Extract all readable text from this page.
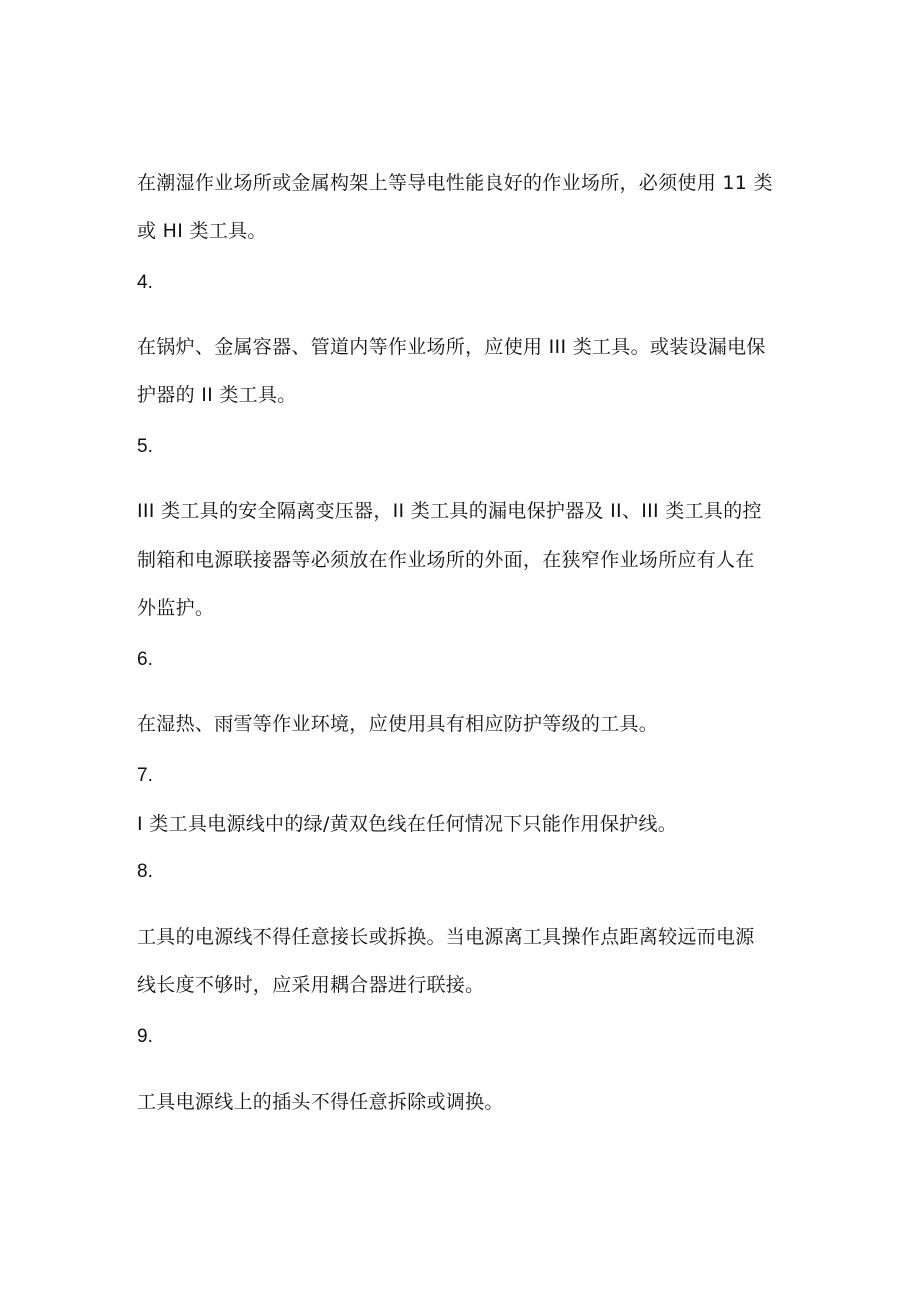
在潮湿作业场所或金属构架上等导电性能良好的作业场所，必须使用 11 类
或 HI 类工具。
4.
在锅炉、金属容器、管道内等作业场所，应使用 III 类工具。或装设漏电保
护器的 II 类工具。
5.
III 类工具的安全隔离变压器，II 类工具的漏电保护器及 II、III 类工具的控
制箱和电源联接器等必须放在作业场所的外面，在狭窄作业场所应有人在
外监护。
6.
在湿热、雨雪等作业环境，应使用具有相应防护等级的工具。
7.
I 类工具电源线中的绿/黄双色线在任何情况下只能作用保护线。
8.
工具的电源线不得任意接长或拆换。当电源离工具操作点距离较远而电源
线长度不够时，应采用耦合器进行联接。
9.
工具电源线上的插头不得任意拆除或调换。
